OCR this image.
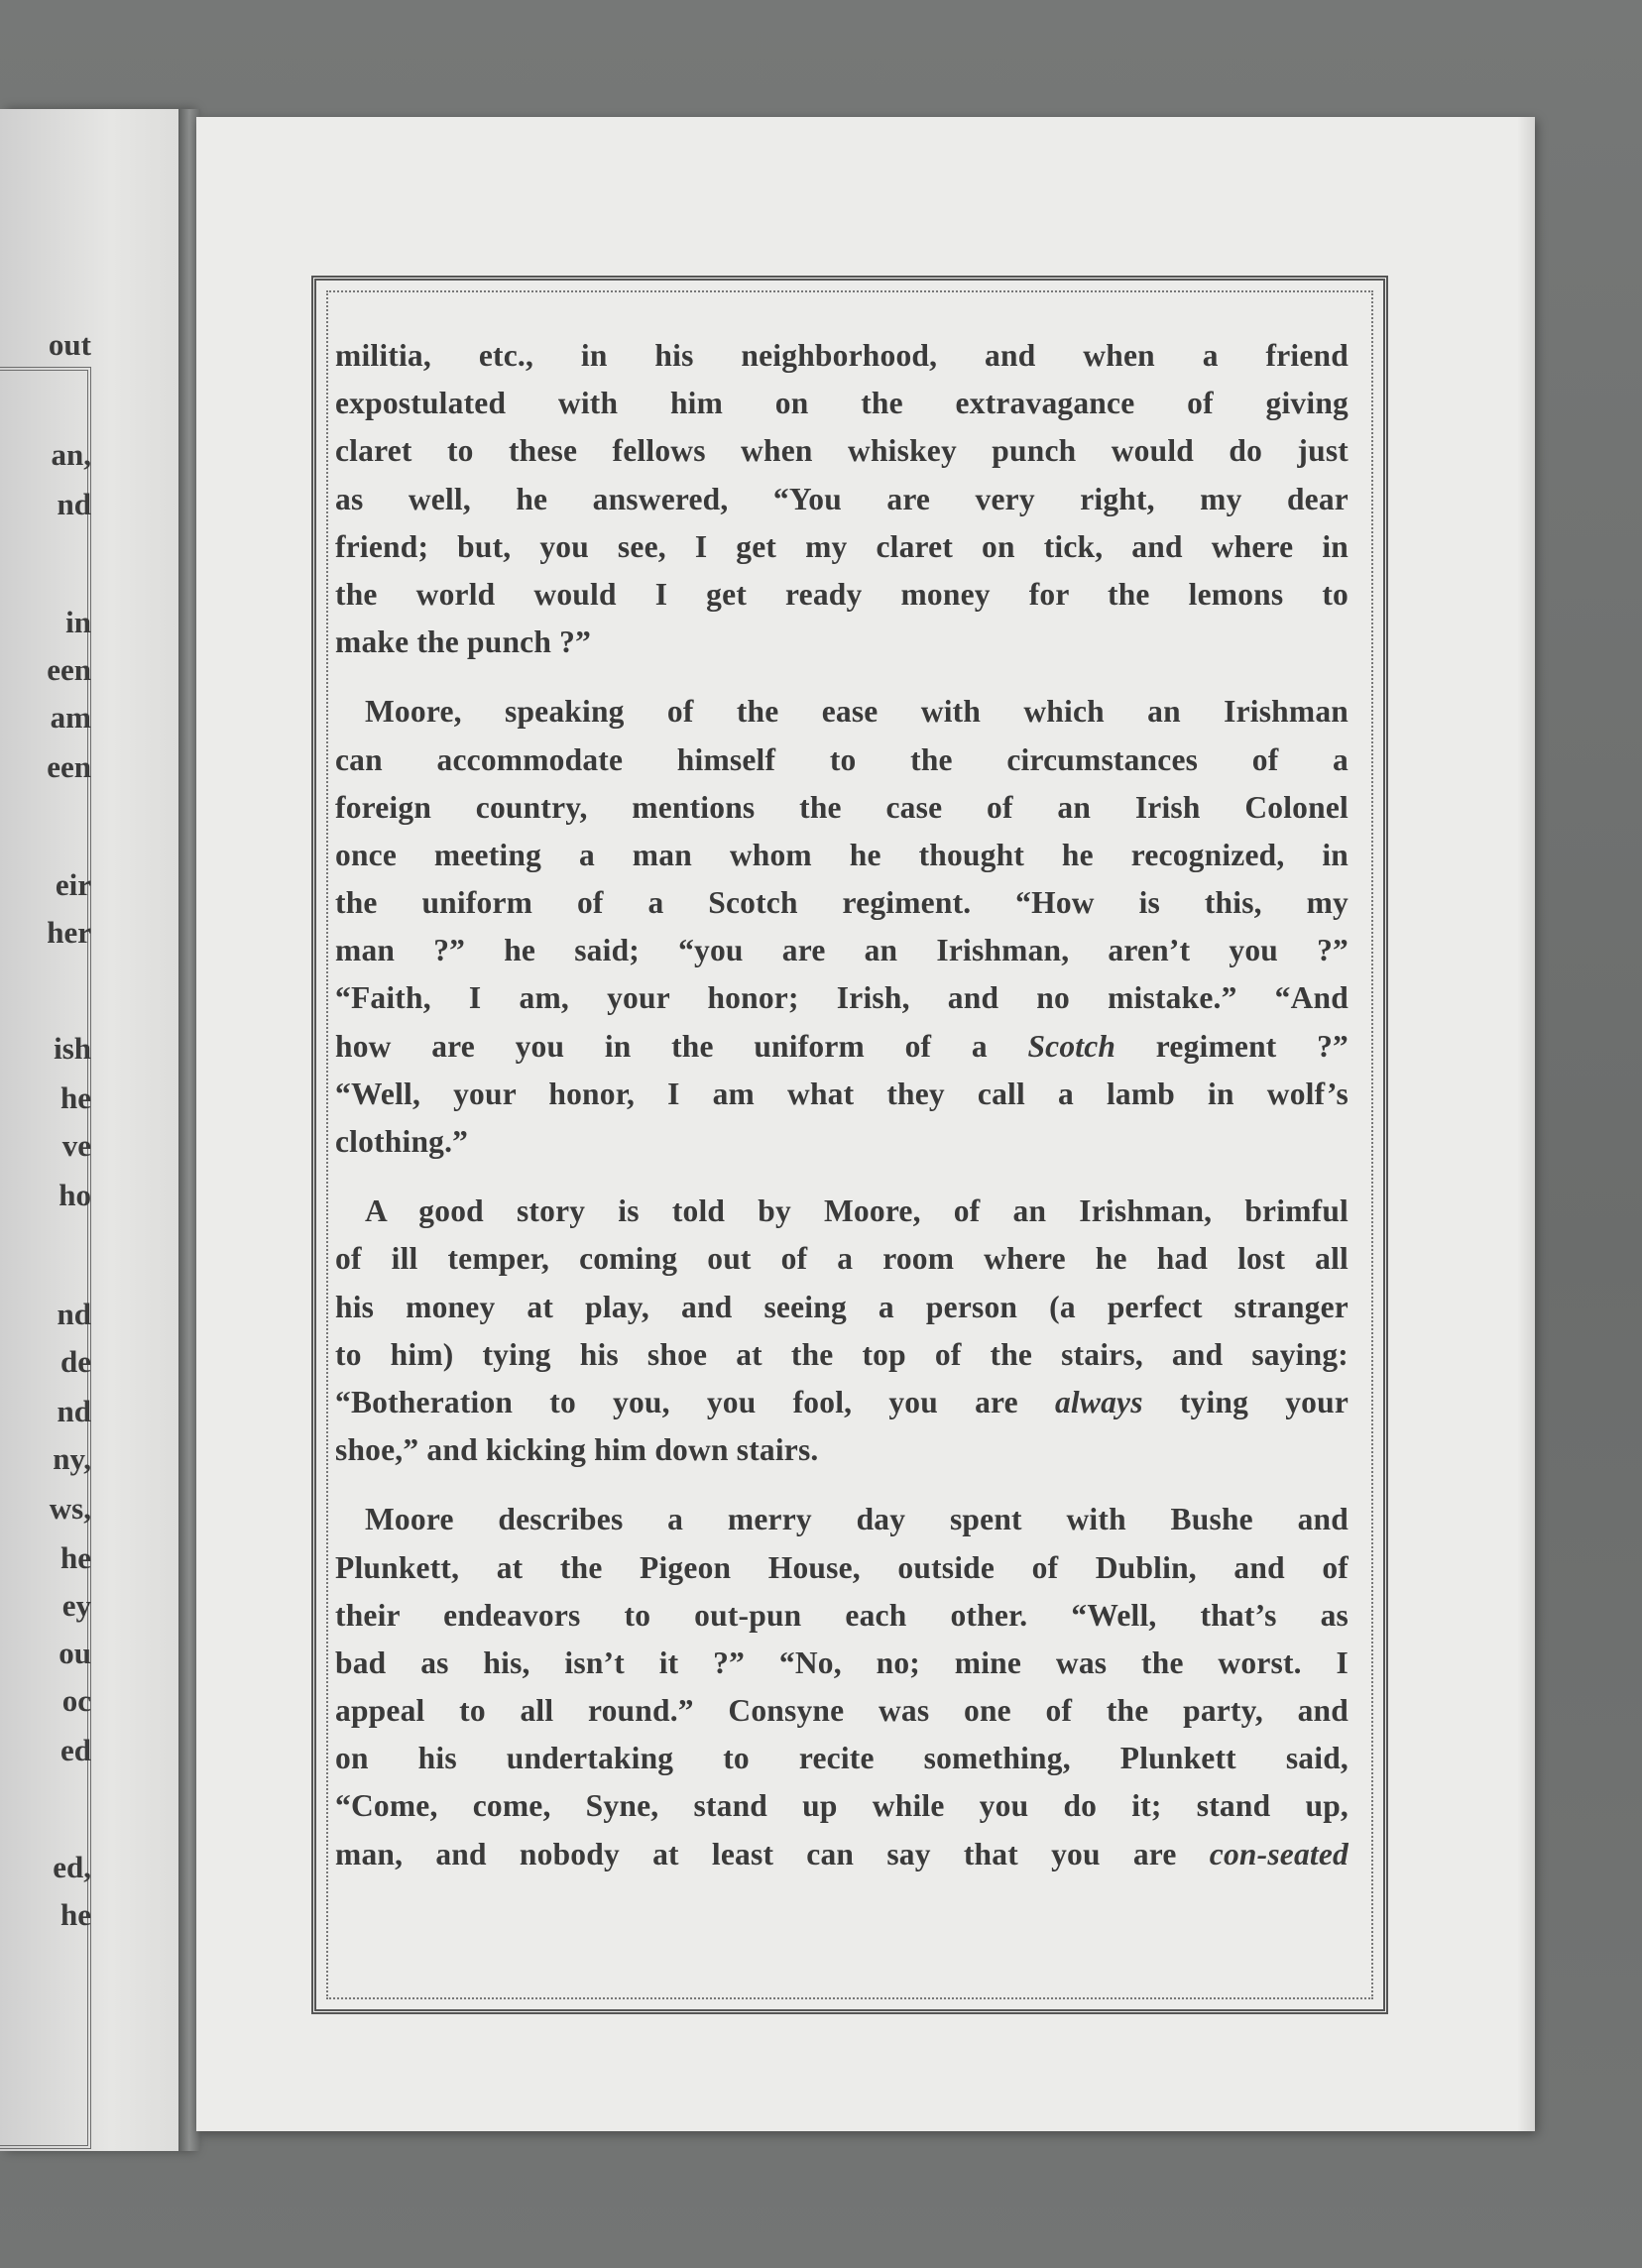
out
an,
nd
in
een
am
een
eir
her
ish
he
ve
ho
nd
de
nd
ny,
ws,
he
ey
ou
oc
ed
ed,
he
militia, etc., in his neighborhood, and when a friend
expostulated with him on the extravagance of giving
claret to these fellows when whiskey punch would do just
as well, he answered, “You are very right, my dear
friend; but, you see, I get my claret on tick, and where in
the world would I get ready money for the lemons to
make the punch ?”
Moore, speaking of the ease with which an Irishman
can accommodate himself to the circumstances of a
foreign country, mentions the case of an Irish Colonel
once meeting a man whom he thought he recognized, in
the uniform of a Scotch regiment. “How is this, my
man ?” he said; “you are an Irishman, aren’t you ?”
“Faith, I am, your honor; Irish, and no mistake.” “And
how are you in the uniform of a Scotch regiment ?”
“Well, your honor, I am what they call a lamb in wolf’s
clothing.”
A good story is told by Moore, of an Irishman, brimful
of ill temper, coming out of a room where he had lost all
his money at play, and seeing a person (a perfect stranger
to him) tying his shoe at the top of the stairs, and saying:
“Botheration to you, you fool, you are always tying your
shoe,” and kicking him down stairs.
Moore describes a merry day spent with Bushe and
Plunkett, at the Pigeon House, outside of Dublin, and of
their endeavors to out-pun each other. “Well, that’s as
bad as his, isn’t it ?” “No, no; mine was the worst. I
appeal to all round.” Consyne was one of the party, and
on his undertaking to recite something, Plunkett said,
“Come, come, Syne, stand up while you do it; stand up,
man, and nobody at least can say that you are con-seated
